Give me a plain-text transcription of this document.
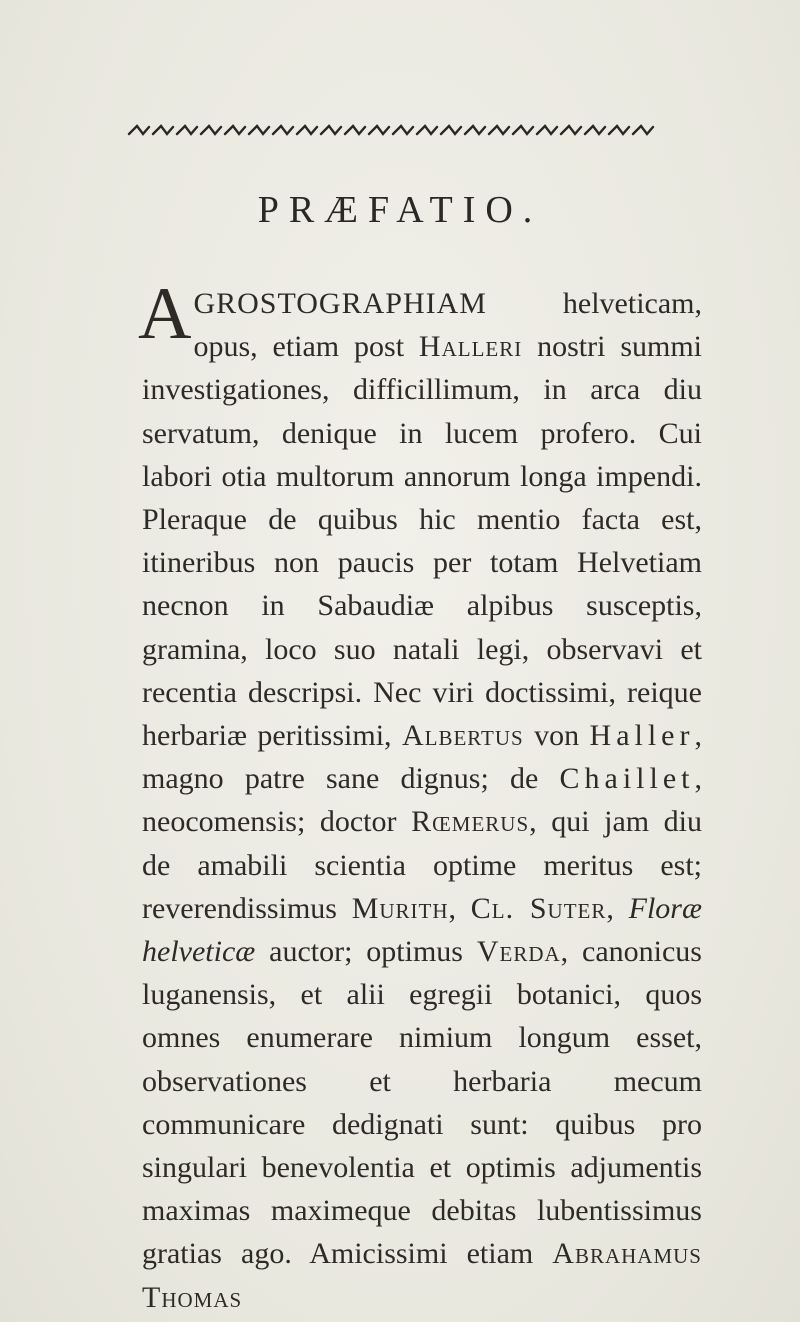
PRÆFATIO.
A GROSTOGRAPHIAM helveticam, opus, etiam post Halleri nostri summi investigationes, difficillimum, in arca diu servatum, denique in lucem profero. Cui labori otia multorum annorum longa impendi. Pleraque de quibus hic mentio facta est, itineribus non paucis per totam Helvetiam necnon in Sabaudiæ alpibus susceptis, gramina, loco suo natali legi, observavi et recentia descripsi. Nec viri doctissimi, reique herbariæ peritissimi, Albertus von Haller, magno patre sane dignus; de Chaillet, neocomensis; doctor Rœmerus, qui jam diu de amabili scientia optime meritus est; reverendissimus Murith, Cl. Suter, Floræ helveticæ auctor; optimus Verda, canonicus luganensis, et alii egregii botanici, quos omnes enumerare nimium longum esset, observationes et herbaria mecum communicare dedignati sunt: quibus pro singulari benevolentia et optimis adjumentis maximas maximeque debitas lubentissimus gratias ago. Amicissimi etiam Abrahamus Thomas
